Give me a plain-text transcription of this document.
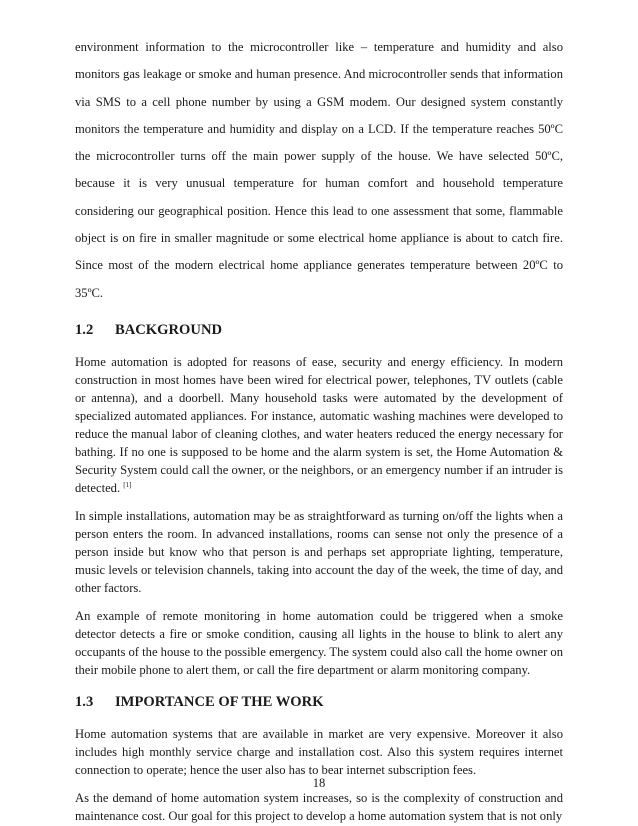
environment information to the microcontroller like – temperature and humidity and also monitors gas leakage or smoke and human presence. And microcontroller sends that information via SMS to a cell phone number by using a GSM modem. Our designed system constantly monitors the temperature and humidity and display on a LCD. If the temperature reaches 50ºC the microcontroller turns off the main power supply of the house. We have selected 50ºC, because it is very unusual temperature for human comfort and household temperature considering our geographical position. Hence this lead to one assessment that some, flammable object is on fire in smaller magnitude or some electrical home appliance is about to catch fire. Since most of the modern electrical home appliance generates temperature between 20ºC to 35ºC.

1.2 BACKGROUND

Home automation is adopted for reasons of ease, security and energy efficiency. In modern construction in most homes have been wired for electrical power, telephones, TV outlets (cable or antenna), and a doorbell. Many household tasks were automated by the development of specialized automated appliances. For instance, automatic washing machines were developed to reduce the manual labor of cleaning clothes, and water heaters reduced the energy necessary for bathing. If no one is supposed to be home and the alarm system is set, the Home Automation & Security System could call the owner, or the neighbors, or an emergency number if an intruder is detected. [1]

In simple installations, automation may be as straightforward as turning on/off the lights when a person enters the room. In advanced installations, rooms can sense not only the presence of a person inside but know who that person is and perhaps set appropriate lighting, temperature, music levels or television channels, taking into account the day of the week, the time of day, and other factors.

An example of remote monitoring in home automation could be triggered when a smoke detector detects a fire or smoke condition, causing all lights in the house to blink to alert any occupants of the house to the possible emergency. The system could also call the home owner on their mobile phone to alert them, or call the fire department or alarm monitoring company.

1.3 IMPORTANCE OF THE WORK

Home automation systems that are available in market are very expensive. Moreover it also includes high monthly service charge and installation cost. Also this system requires internet connection to operate; hence the user also has to bear internet subscription fees.

As the demand of home automation system increases, so is the complexity of construction and maintenance cost. Our goal for this project to develop a home automation system that is not only

18
